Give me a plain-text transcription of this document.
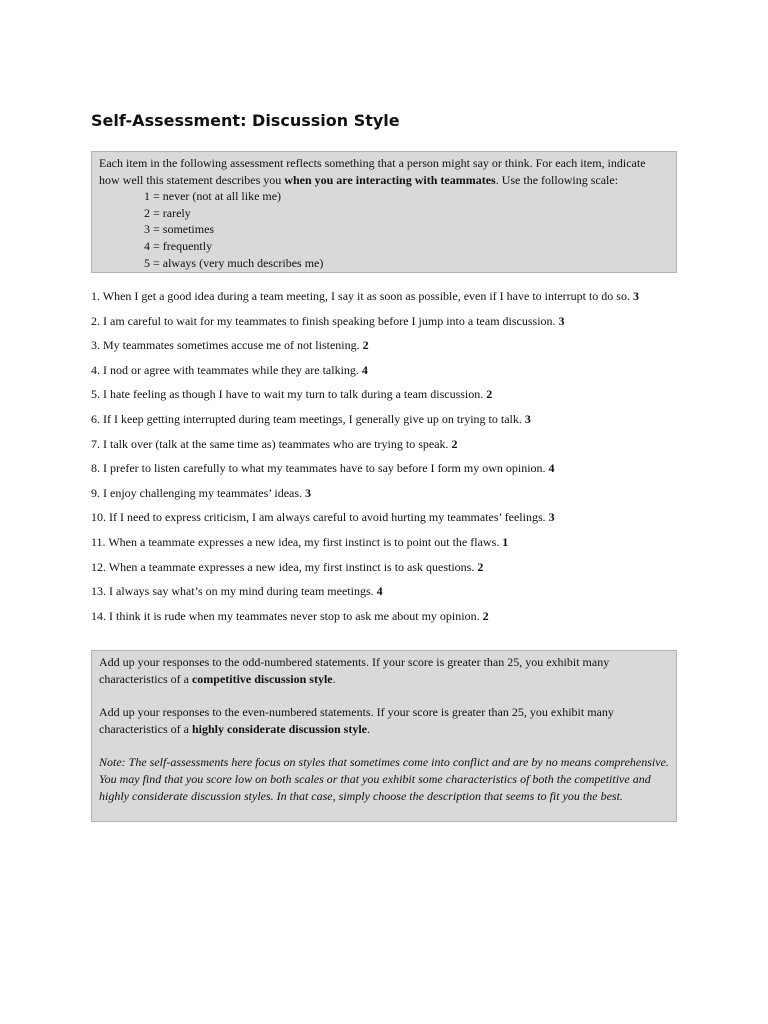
Self-Assessment: Discussion Style
Each item in the following assessment reflects something that a person might say or think. For each item, indicate how well this statement describes you when you are interacting with teammates. Use the following scale:
1 = never (not at all like me)
2 = rarely
3 = sometimes
4 = frequently
5 = always (very much describes me)
1. When I get a good idea during a team meeting, I say it as soon as possible, even if I have to interrupt to do so. 3
2. I am careful to wait for my teammates to finish speaking before I jump into a team discussion. 3
3. My teammates sometimes accuse me of not listening. 2
4. I nod or agree with teammates while they are talking. 4
5. I hate feeling as though I have to wait my turn to talk during a team discussion. 2
6. If I keep getting interrupted during team meetings, I generally give up on trying to talk. 3
7. I talk over (talk at the same time as) teammates who are trying to speak. 2
8. I prefer to listen carefully to what my teammates have to say before I form my own opinion. 4
9. I enjoy challenging my teammates’ ideas. 3
10. If I need to express criticism, I am always careful to avoid hurting my teammates’ feelings. 3
11. When a teammate expresses a new idea, my first instinct is to point out the flaws. 1
12. When a teammate expresses a new idea, my first instinct is to ask questions. 2
13. I always say what’s on my mind during team meetings. 4
14. I think it is rude when my teammates never stop to ask me about my opinion. 2
Add up your responses to the odd-numbered statements. If your score is greater than 25, you exhibit many characteristics of a competitive discussion style.
Add up your responses to the even-numbered statements. If your score is greater than 25, you exhibit many characteristics of a highly considerate discussion style.
Note: The self-assessments here focus on styles that sometimes come into conflict and are by no means comprehensive. You may find that you score low on both scales or that you exhibit some characteristics of both the competitive and highly considerate discussion styles. In that case, simply choose the description that seems to fit you the best.
